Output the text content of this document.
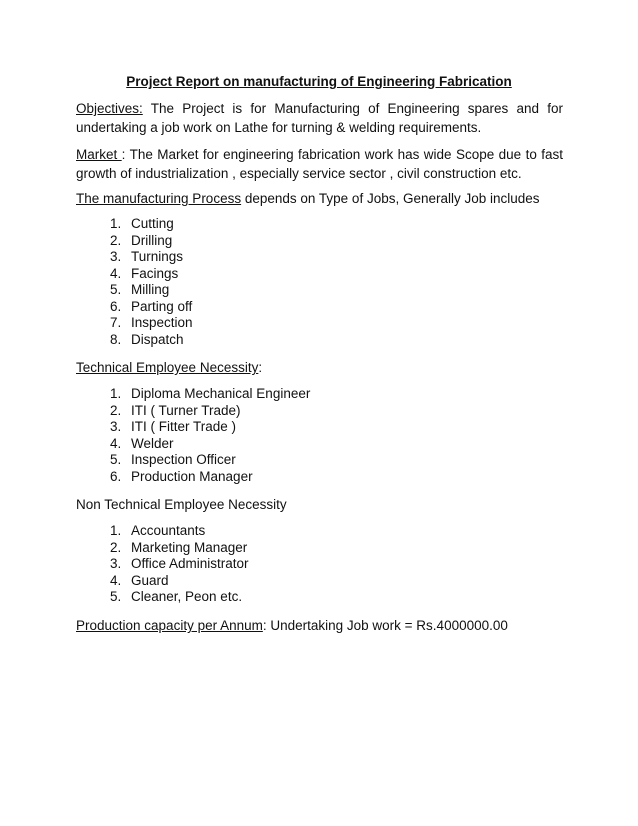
Project Report on manufacturing of Engineering Fabrication
Objectives: The Project is for Manufacturing of Engineering spares and for undertaking a job work on Lathe for turning & welding requirements.
Market : The Market for engineering fabrication work has wide Scope due to fast growth of industrialization , especially service sector , civil construction etc.
The manufacturing Process depends on Type of Jobs, Generally Job includes
1. Cutting
2. Drilling
3. Turnings
4. Facings
5. Milling
6. Parting off
7. Inspection
8. Dispatch
Technical Employee Necessity:
1. Diploma Mechanical Engineer
2. ITI ( Turner Trade)
3. ITI ( Fitter Trade )
4. Welder
5. Inspection Officer
6. Production Manager
Non Technical Employee Necessity
1. Accountants
2. Marketing Manager
3. Office Administrator
4. Guard
5. Cleaner, Peon etc.
Production capacity per Annum: Undertaking Job work = Rs.4000000.00
